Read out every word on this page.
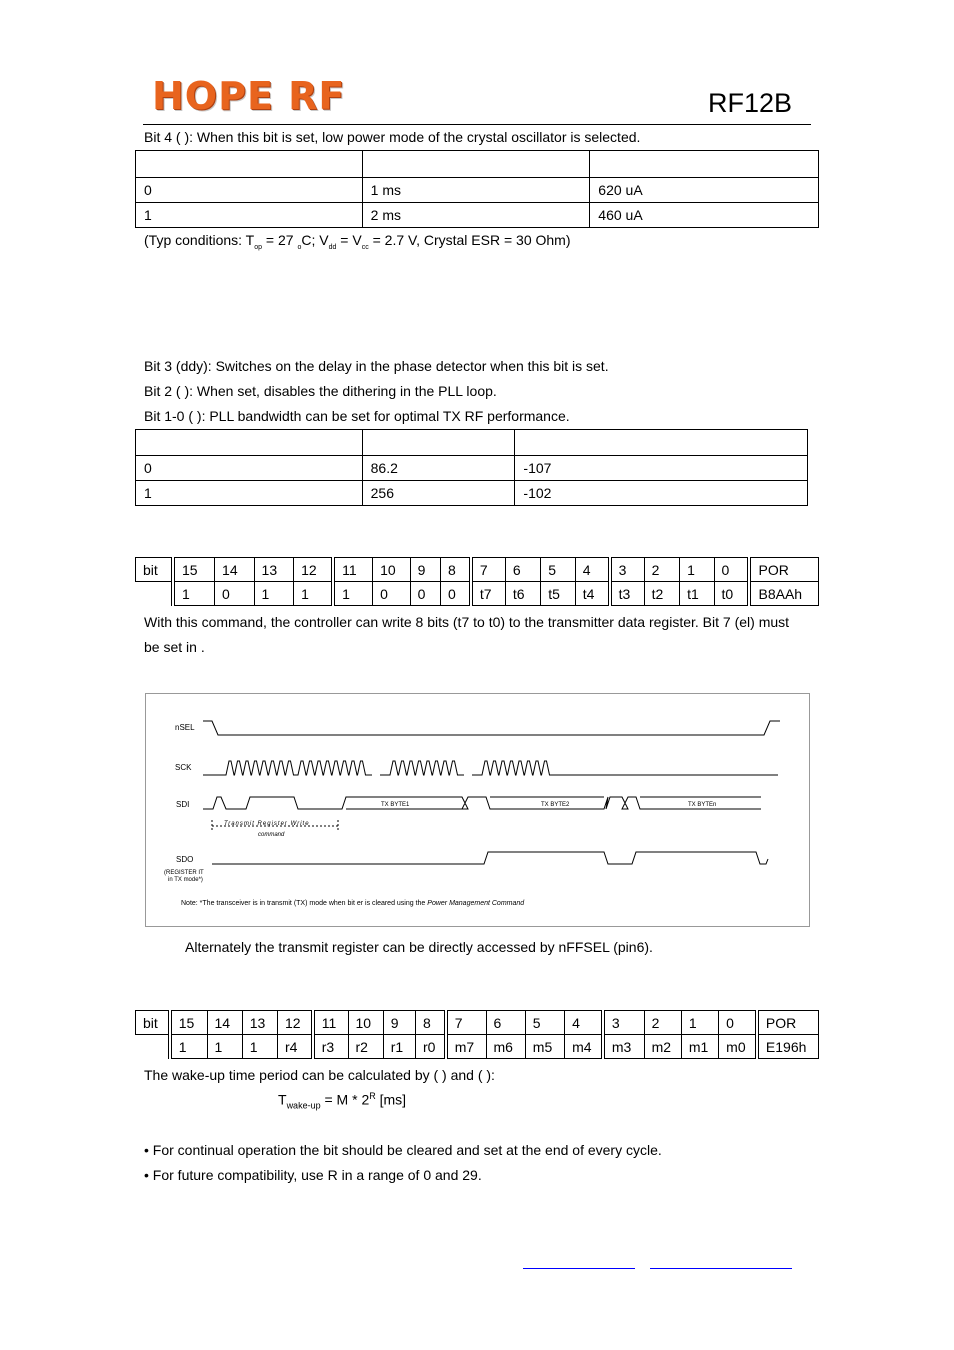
HOPE RF	RF12B
Bit 4 ( ): When this bit is set, low power mode of the crystal oscillator is selected.

0	1 ms	620 uA
1	2 ms	460 uA
(Typ conditions: $T_{op} = 27$ $_o$C; $V_{dd} = V_{cc} = 2.7$ V, Crystal ESR = 30 Ohm)
Bit 3 (ddy): Switches on the delay in the phase detector when this bit is set.
Bit 2 ( ): When set, disables the dithering in the PLL loop.
Bit 1-0 ( ): PLL bandwidth can be set for optimal TX RF performance.

0	86.2	-107
1	256	-102
bit	15	14	13	12	11	10	9	8	7	6	5	4	3	2	1	0	POR
	1	0	1	1	1	0	0	0	t7	t6	t5	t4	t3	t2	t1	t0	B8AAh
With this command, the controller can write 8 bits (t7 to t0) to the transmitter data register. Bit 7 (el) must
be set in .
nSEL
SCK
SDI
SDO
(REGISTER IT
in TX mode*)
TX BYTE1	TX BYTE2	TX BYTEn
Transmit Register Write
command
Note: *The transceiver is in transmit (TX) mode when bit er is cleared using the Power Management Command
Alternately the transmit register can be directly accessed by nFFSEL (pin6).
bit	15	14	13	12	11	10	9	8	7	6	5	4	3	2	1	0	POR
	1	1	1	r4	r3	r2	r1	r0	m7	m6	m5	m4	m3	m2	m1	m0	E196h
The wake-up time period can be calculated by ( ) and ( ):
$T_{wake-up} = M * 2^R$ [ms]
• For continual operation the bit should be cleared and set at the end of every cycle.
• For future compatibility, use R in a range of 0 and 29.
